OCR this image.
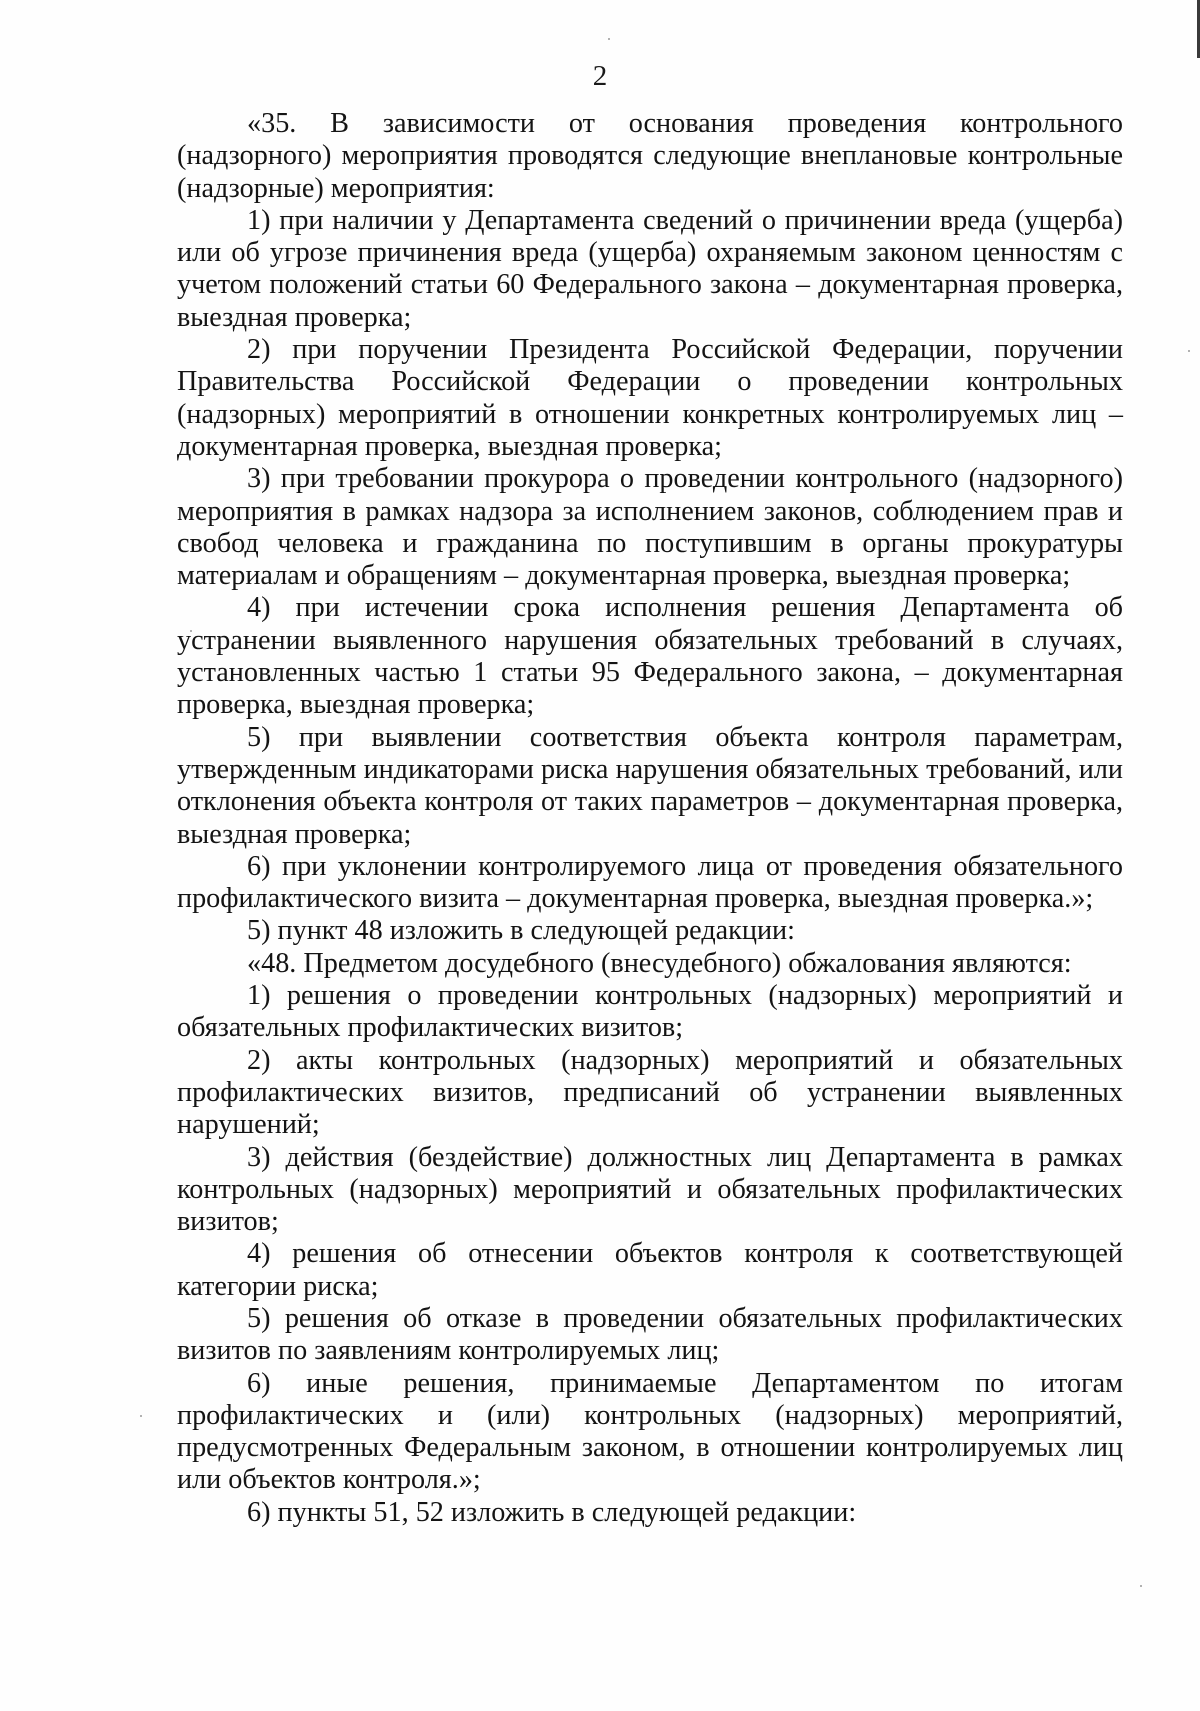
2

«35. В зависимости от основания проведения контрольного (надзорного) мероприятия проводятся следующие внеплановые контрольные (надзорные) мероприятия:

1) при наличии у Департамента сведений о причинении вреда (ущерба) или об угрозе причинения вреда (ущерба) охраняемым законом ценностям с учетом положений статьи 60 Федерального закона – документарная проверка, выездная проверка;

2) при поручении Президента Российской Федерации, поручении Правительства Российской Федерации о проведении контрольных (надзорных) мероприятий в отношении конкретных контролируемых лиц – документарная проверка, выездная проверка;

3) при требовании прокурора о проведении контрольного (надзорного) мероприятия в рамках надзора за исполнением законов, соблюдением прав и свобод человека и гражданина по поступившим в органы прокуратуры материалам и обращениям – документарная проверка, выездная проверка;

4) при истечении срока исполнения решения Департамента об устранении выявленного нарушения обязательных требований в случаях, установленных частью 1 статьи 95 Федерального закона, – документарная проверка, выездная проверка;

5) при выявлении соответствия объекта контроля параметрам, утвержденным индикаторами риска нарушения обязательных требований, или отклонения объекта контроля от таких параметров – документарная проверка, выездная проверка;

6) при уклонении контролируемого лица от проведения обязательного профилактического визита – документарная проверка, выездная проверка.»;

5) пункт 48 изложить в следующей редакции:

«48. Предметом досудебного (внесудебного) обжалования являются:

1) решения о проведении контрольных (надзорных) мероприятий и обязательных профилактических визитов;

2) акты контрольных (надзорных) мероприятий и обязательных профилактических визитов, предписаний об устранении выявленных нарушений;

3) действия (бездействие) должностных лиц Департамента в рамках контрольных (надзорных) мероприятий и обязательных профилактических визитов;

4) решения об отнесении объектов контроля к соответствующей категории риска;

5) решения об отказе в проведении обязательных профилактических визитов по заявлениям контролируемых лиц;

6) иные решения, принимаемые Департаментом по итогам профилактических и (или) контрольных (надзорных) мероприятий, предусмотренных Федеральным законом, в отношении контролируемых лиц или объектов контроля.»;

6) пункты 51, 52 изложить в следующей редакции:
